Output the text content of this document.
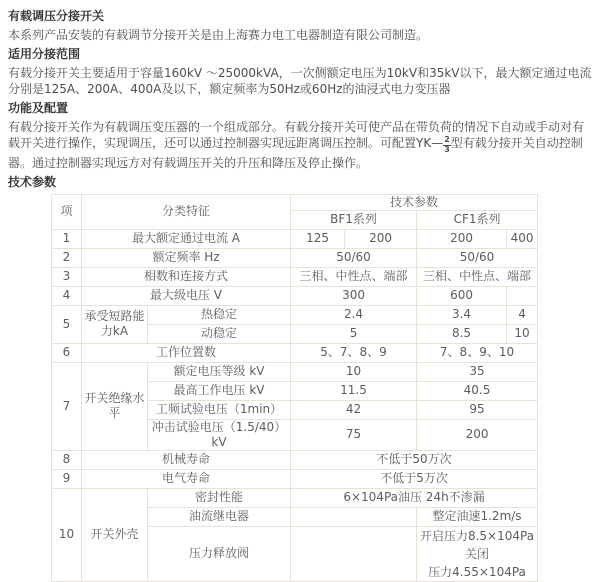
有载调压分接开关

本系列产品安装的有载调节分接开关是由上海赛力电工电器制造有限公司制造。

适用分接范围

有载分接开关主要适用于容量160kV ～25000kVA，一次侧额定电压为10kV和35kV以下，最大额定通过电流分别是125A、200A、400A及以下，额定频率为50Hz或60Hz的油浸式电力变压器

功能及配置

有载分接开关作为有载调压变压器的一个组成部分。有载分接开关可使产品在带负荷的情况下自动或手动对有载开关进行操作，实现调压，还可以通过控制器实现远距离调压控制。可配置YK— $\frac{2}{3}$ 型有载分接开关自动控制器。通过控制器实现远方对有载调压开关的升压和降压及停止操作。

技术参数
项	分类特征		技术参数			
			BF1系列		CF1系列	
1	最大额定通过电流 A		125	200	200	400
2	额定频率 Hz		50/60		50/60	
3	相数和连接方式		三相、中性点、端部		三相、中性点、端部	
4	最大级电压 V		300		600	
5	承受短路能力kA	热稳定	2.4		3.4	4
		动稳定	5		8.5	10
6	工作位置数		5、7、8、9		7、8、9、10	
7	开关绝缘水平	额定电压等级 kV	10		35	
		最高工作电压 kV	11.5		40.5	
		工频试验电压（1min）	42		95	
		冲击试验电压（1.5/40）kV	75		200	
8	机械寿命		不低于50万次			
9	电气寿命		不低于5万次			
10	开关外壳	密封性能	6×104Pa油压 24h不渗漏			
		油流继电器			整定油速1.2m/s	
		压力释放阀			开启压力8.5×104Pa 关闭
压力4.55×104Pa	
